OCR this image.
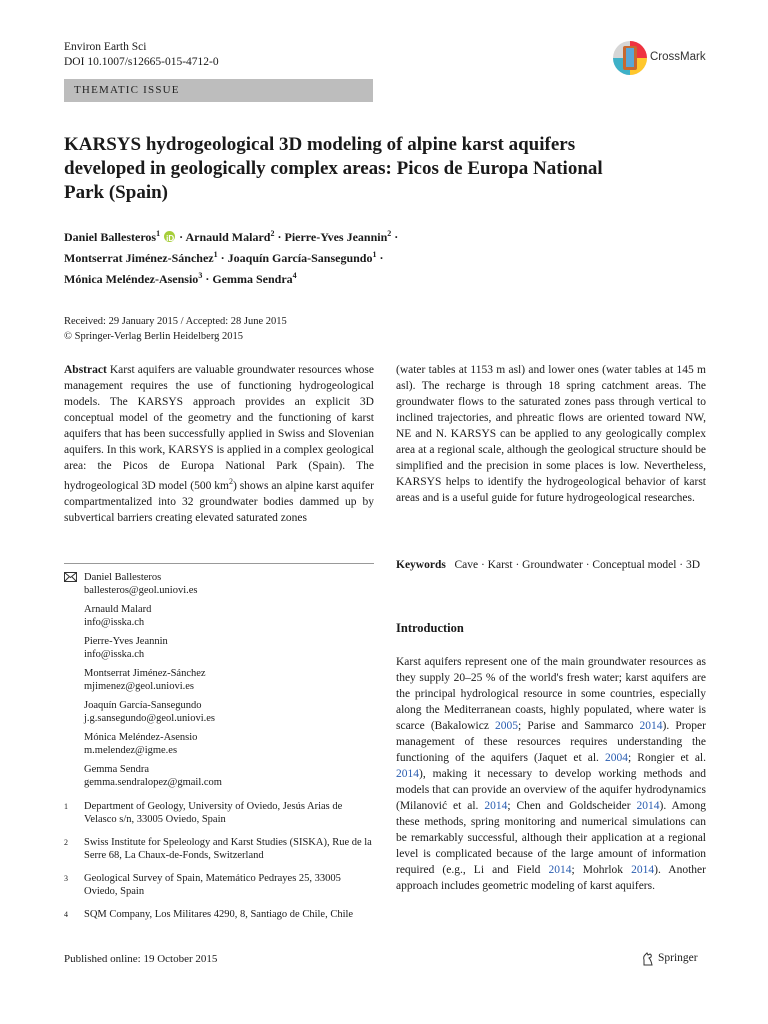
Environ Earth Sci
DOI 10.1007/s12665-015-4712-0	CrossMark
THEMATIC ISSUE
KARSYS hydrogeological 3D modeling of alpine karst aquifers
developed in geologically complex areas: Picos de Europa National
Park (Spain)
Daniel Ballesteros$^1$
iD · Arnauld Malard$^2$ · Pierre-Yves Jeannin$^2$ ·
Montserrat Jiménez-Sánchez$^1$ · Joaquín García-Sansegundo$^1$ ·
Mónica Meléndez-Asensio$^3$ · Gemma Sendra$^4$
Received: 29 January 2015 / Accepted: 28 June 2015
© Springer-Verlag Berlin Heidelberg 2015
Abstract Karst aquifers are valuable groundwater resources whose management requires the use of functioning hydrogeological models. The KARSYS approach provides an explicit 3D conceptual model of the geometry and the functioning of karst aquifers that has been successfully applied in Swiss and Slovenian aquifers. In this work, KARSYS is applied in a complex geological area: the Picos de Europa National Park (Spain). The hydrogeological 3D model (500 $km^2$) shows an alpine karst aquifer compartmentalized into 32 groundwater bodies dammed up by subvertical barriers creating elevated saturated zones
(water tables at 1153 m asl) and lower ones (water tables at 145 m asl). The recharge is through 18 spring catchment areas. The groundwater flows to the saturated zones pass through vertical to inclined trajectories, and phreatic flows are oriented toward NW, NE and N. KARSYS can be applied to any geologically complex area at a regional scale, although the geological structure should be simplified and the precision in some places is low. Nevertheless, KARSYS helps to identify the hydrogeological behavior of karst areas and is a useful guide for future hydrogeological researches.
Keywords Cave · Karst · Groundwater · Conceptual model · 3D
Introduction
Karst aquifers represent one of the main groundwater resources as they supply 20–25 % of the world's fresh water; karst aquifers are the principal hydrological resource in some countries, especially along the Mediterranean coasts, highly populated, where water is scarce (Bakalowicz 2005; Parise and Sammarco 2014). Proper management of these resources requires understanding the functioning of the aquifers (Jaquet et al. 2004; Rongier et al. 2014), making it necessary to develop working methods and models that can provide an overview of the aquifer hydrodynamics (Milanović et al. 2014; Chen and Goldscheider 2014). Among these methods, spring monitoring and numerical simulations can be remarkably successful, although their application at a regional level is complicated because of the large amount of information required (e.g., Li and Field 2014; Mohrlok 2014). Another approach includes geometric modeling of karst aquifers.
Daniel Ballesteros
ballesteros@geol.uniovi.es
Arnauld Malard
info@isska.ch
Pierre-Yves Jeannin
info@isska.ch
Montserrat Jiménez-Sánchez
mjimenez@geol.uniovi.es
Joaquín García-Sansegundo
j.g.sansegundo@geol.uniovi.es
Mónica Meléndez-Asensio
m.melendez@igme.es
Gemma Sendra
gemma.sendralopez@gmail.com
1	Department of Geology, University of Oviedo, Jesús Arias de Velasco s/n, 33005 Oviedo, Spain
2	Swiss Institute for Speleology and Karst Studies (SISKA), Rue de la Serre 68, La Chaux-de-Fonds, Switzerland
3	Geological Survey of Spain, Matemático Pedrayes 25, 33005 Oviedo, Spain
4	SQM Company, Los Militares 4290, 8, Santiago de Chile, Chile
Published online: 19 October 2015	Springer
